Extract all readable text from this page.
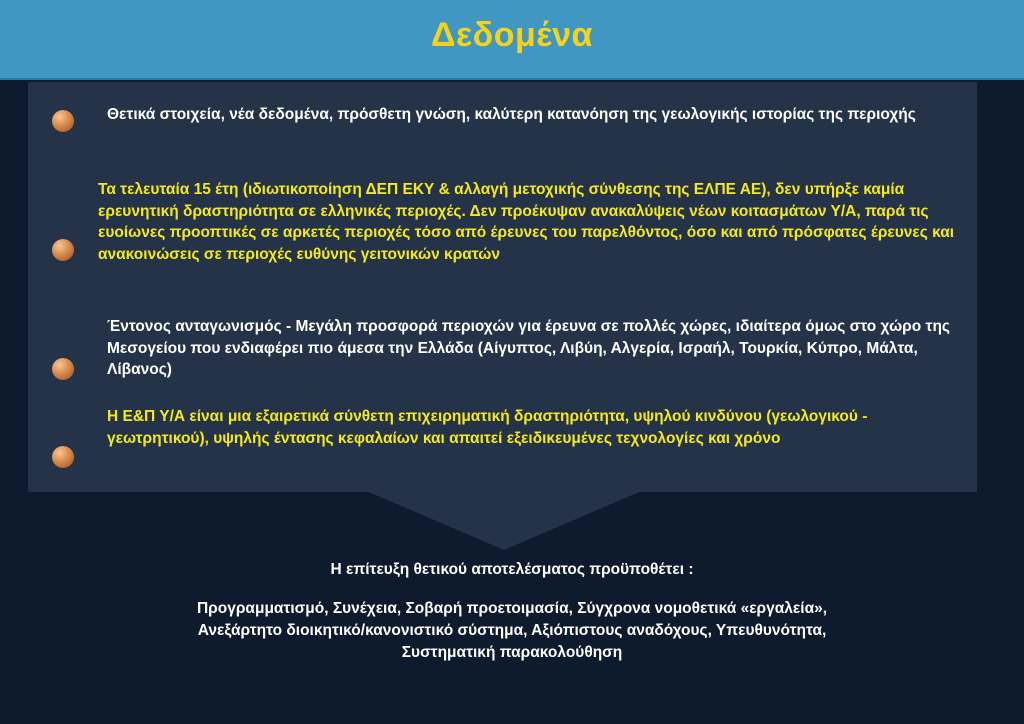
Δεδομένα

Θετικά στοιχεία, νέα δεδομένα, πρόσθετη γνώση, καλύτερη κατανόηση της γεωλογικής ιστορίας της περιοχής

Τα τελευταία 15 έτη (ιδιωτικοποίηση ΔΕΠ ΕΚΥ & αλλαγή μετοχικής σύνθεσης της ΕΛΠΕ ΑΕ), δεν υπήρξε καμία ερευνητική δραστηριότητα σε ελληνικές περιοχές. Δεν προέκυψαν ανακαλύψεις νέων κοιτασμάτων Υ/Α, παρά τις ευοίωνες προοπτικές σε αρκετές περιοχές τόσο από έρευνες του παρελθόντος, όσο και από πρόσφατες έρευνες και ανακοινώσεις σε περιοχές ευθύνης γειτονικών κρατών

Έντονος ανταγωνισμός - Μεγάλη προσφορά περιοχών για έρευνα σε πολλές χώρες, ιδιαίτερα όμως στο χώρο της Μεσογείου που ενδιαφέρει πιο άμεσα την Ελλάδα (Αίγυπτος, Λιβύη, Αλγερία, Ισραήλ, Τουρκία, Κύπρο, Μάλτα, Λίβανος)

Η Ε&Π Υ/Α είναι μια εξαιρετικά σύνθετη επιχειρηματική δραστηριότητα, υψηλού κινδύνου (γεωλογικού - γεωτρητικού), υψηλής έντασης κεφαλαίων και απαιτεί εξειδικευμένες τεχνολογίες και χρόνο

Η επίτευξη θετικού αποτελέσματος προϋποθέτει :
Προγραμματισμό, Συνέχεια, Σοβαρή προετοιμασία, Σύγχρονα νομοθετικά «εργαλεία»,
Ανεξάρτητο διοικητικό/κανονιστικό σύστημα, Αξιόπιστους αναδόχους, Υπευθυνότητα,
Συστηματική παρακολούθηση
